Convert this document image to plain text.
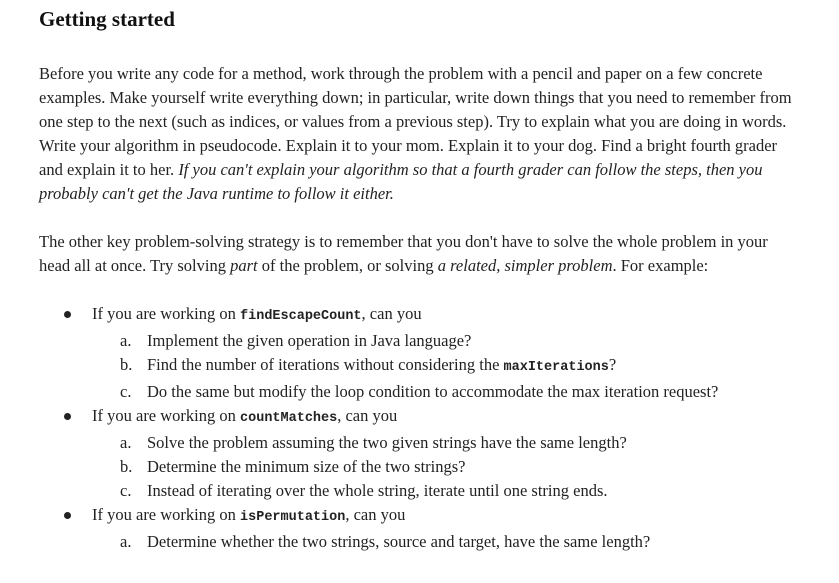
Getting started

Before you write any code for a method, work through the problem with a pencil and paper on a few concrete examples. Make yourself write everything down; in particular, write down things that you need to remember from one step to the next (such as indices, or values from a previous step). Try to explain what you are doing in words. Write your algorithm in pseudocode. Explain it to your mom. Explain it to your dog. Find a bright fourth grader and explain it to her. If you can't explain your algorithm so that a fourth grader can follow the steps, then you probably can't get the Java runtime to follow it either.

The other key problem-solving strategy is to remember that you don't have to solve the whole problem in your head all at once. Try solving part of the problem, or solving a related, simpler problem. For example:

If you are working on findEscapeCount, can you
a. Implement the given operation in Java language?
b. Find the number of iterations without considering the maxIterations?
c. Do the same but modify the loop condition to accommodate the max iteration request?
If you are working on countMatches, can you
a. Solve the problem assuming the two given strings have the same length?
b. Determine the minimum size of the two strings?
c. Instead of iterating over the whole string, iterate until one string ends.
If you are working on isPermutation, can you
a. Determine whether the two strings, source and target, have the same length?
